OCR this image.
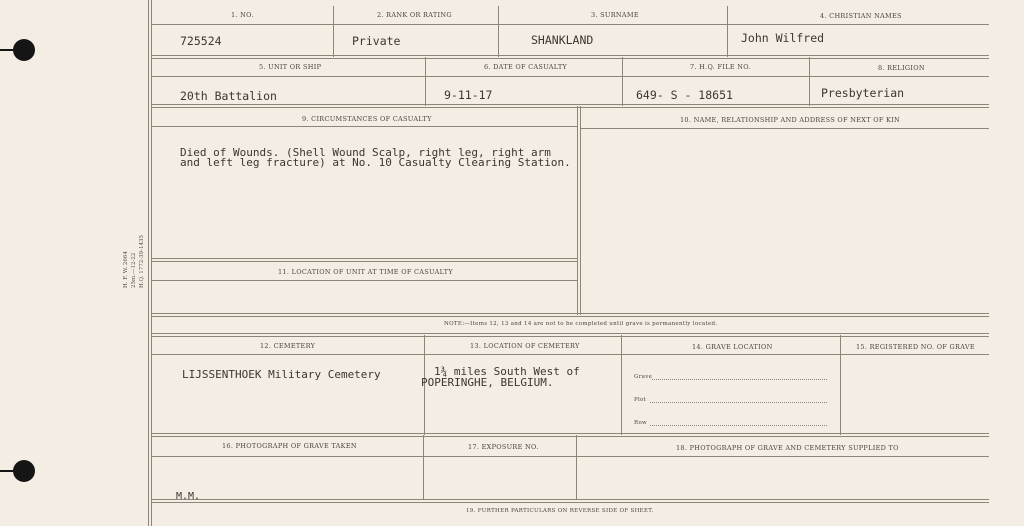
H. F. W. 2664 25m.—12-22 H.Q. 1772-39-1435
1. NO.	2. RANK OR RATING	3. SURNAME	4. CHRISTIAN NAMES
725524	Private	SHANKLAND	John Wilfred
5. UNIT OR SHIP	6. DATE OF CASUALTY	7. H.Q. FILE NO.	8. RELIGION
20th Battalion	9-11-17	649- S - 18651	Presbyterian
9. CIRCUMSTANCES OF CASUALTY	10. NAME, RELATIONSHIP AND ADDRESS OF NEXT OF KIN
Died of Wounds. (Shell Wound Scalp, right leg, right arm
and left leg fracture) at No. 10 Casualty Clearing Station.
11. LOCATION OF UNIT AT TIME OF CASUALTY
NOTE:—Items 12, 13 and 14 are not to be completed until grave is permanently located.
12. CEMETERY	13. LOCATION OF CEMETERY	14. GRAVE LOCATION	15. REGISTERED NO. OF GRAVE
LIJSSENTHOEK Military Cemetery	1¾ miles South West of
POPERINGHE, BELGIUM.	Grave
Plot
Row
16. PHOTOGRAPH OF GRAVE TAKEN	17. EXPOSURE NO.	18. PHOTOGRAPH OF GRAVE AND CEMETERY SUPPLIED TO
M.M.
19. FURTHER PARTICULARS ON REVERSE SIDE OF SHEET.
